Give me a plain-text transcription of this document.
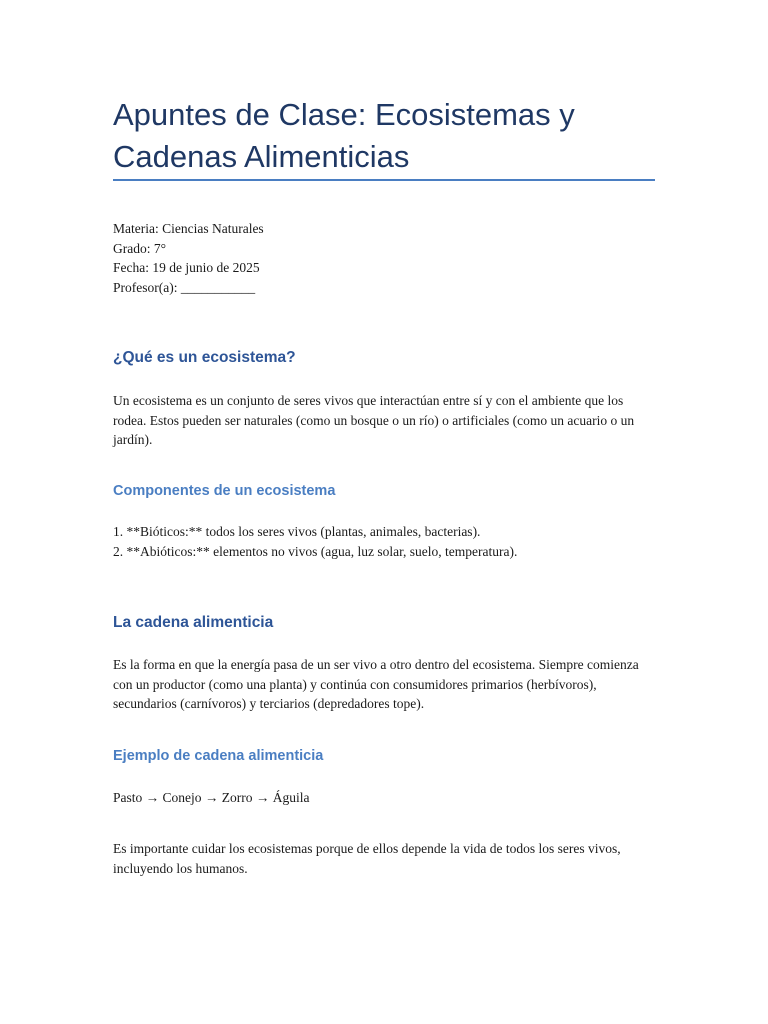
Apuntes de Clase: Ecosistemas y Cadenas Alimenticias
Materia: Ciencias Naturales
Grado: 7°
Fecha: 19 de junio de 2025
Profesor(a): ___________
¿Qué es un ecosistema?

Un ecosistema es un conjunto de seres vivos que interactúan entre sí y con el ambiente que los rodea. Estos pueden ser naturales (como un bosque o un río) o artificiales (como un acuario o un jardín).

Componentes de un ecosistema
1. **Bióticos:** todos los seres vivos (plantas, animales, bacterias).
2. **Abióticos:** elementos no vivos (agua, luz solar, suelo, temperatura).
La cadena alimenticia

Es la forma en que la energía pasa de un ser vivo a otro dentro del ecosistema. Siempre comienza con un productor (como una planta) y continúa con consumidores primarios (herbívoros), secundarios (carnívoros) y terciarios (depredadores tope).

Ejemplo de cadena alimenticia

Pasto → Conejo → Zorro → Águila

Es importante cuidar los ecosistemas porque de ellos depende la vida de todos los seres vivos, incluyendo los humanos.
